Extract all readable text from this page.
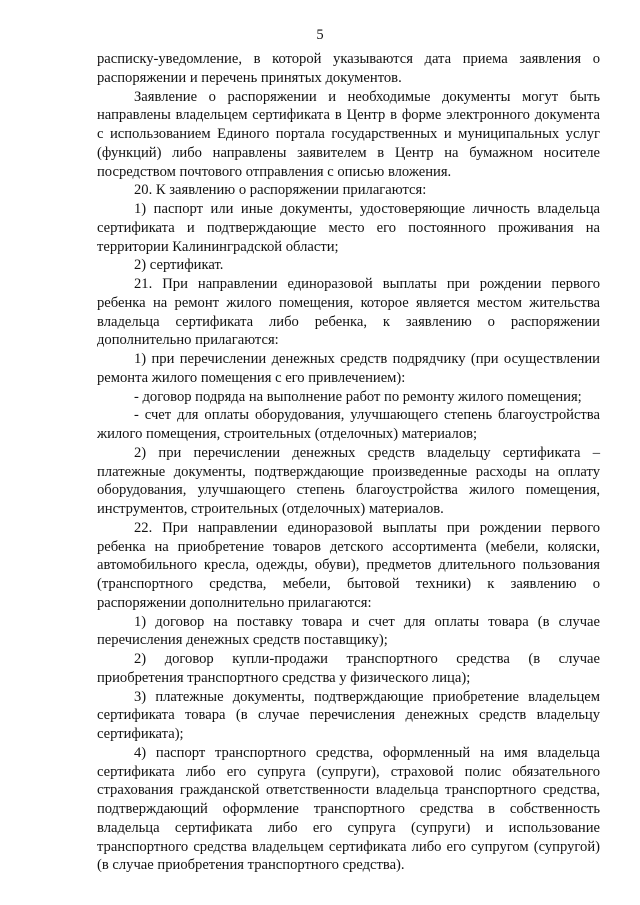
5

расписку-уведомление, в которой указываются дата приема заявления о распоряжении и перечень принятых документов.

Заявление о распоряжении и необходимые документы могут быть направлены владельцем сертификата в Центр в форме электронного документа с использованием Единого портала государственных и муниципальных услуг (функций) либо направлены заявителем в Центр на бумажном носителе посредством почтового отправления с описью вложения.

20. К заявлению о распоряжении прилагаются:

1) паспорт или иные документы, удостоверяющие личность владельца сертификата и подтверждающие место его постоянного проживания на территории Калининградской области;

2) сертификат.

21. При направлении единоразовой выплаты при рождении первого ребенка на ремонт жилого помещения, которое является местом жительства владельца сертификата либо ребенка, к заявлению о распоряжении дополнительно прилагаются:

1) при перечислении денежных средств подрядчику (при осуществлении ремонта жилого помещения с его привлечением):

- договор подряда на выполнение работ по ремонту жилого помещения;

- счет для оплаты оборудования, улучшающего степень благоустройства жилого помещения, строительных (отделочных) материалов;

2) при перечислении денежных средств владельцу сертификата – платежные документы, подтверждающие произведенные расходы на оплату оборудования, улучшающего степень благоустройства жилого помещения, инструментов, строительных (отделочных) материалов.

22. При направлении единоразовой выплаты при рождении первого ребенка на приобретение товаров детского ассортимента (мебели, коляски, автомобильного кресла, одежды, обуви), предметов длительного пользования (транспортного средства, мебели, бытовой техники) к заявлению о распоряжении дополнительно прилагаются:

1) договор на поставку товара и счет для оплаты товара (в случае перечисления денежных средств поставщику);

2) договор купли-продажи транспортного средства (в случае приобретения транспортного средства у физического лица);

3) платежные документы, подтверждающие приобретение владельцем сертификата товара (в случае перечисления денежных средств владельцу сертификата);

4) паспорт транспортного средства, оформленный на имя владельца сертификата либо его супруга (супруги), страховой полис обязательного страхования гражданской ответственности владельца транспортного средства, подтверждающий оформление транспортного средства в собственность владельца сертификата либо его супруга (супруги) и использование транспортного средства владельцем сертификата либо его супругом (супругой) (в случае приобретения транспортного средства).
